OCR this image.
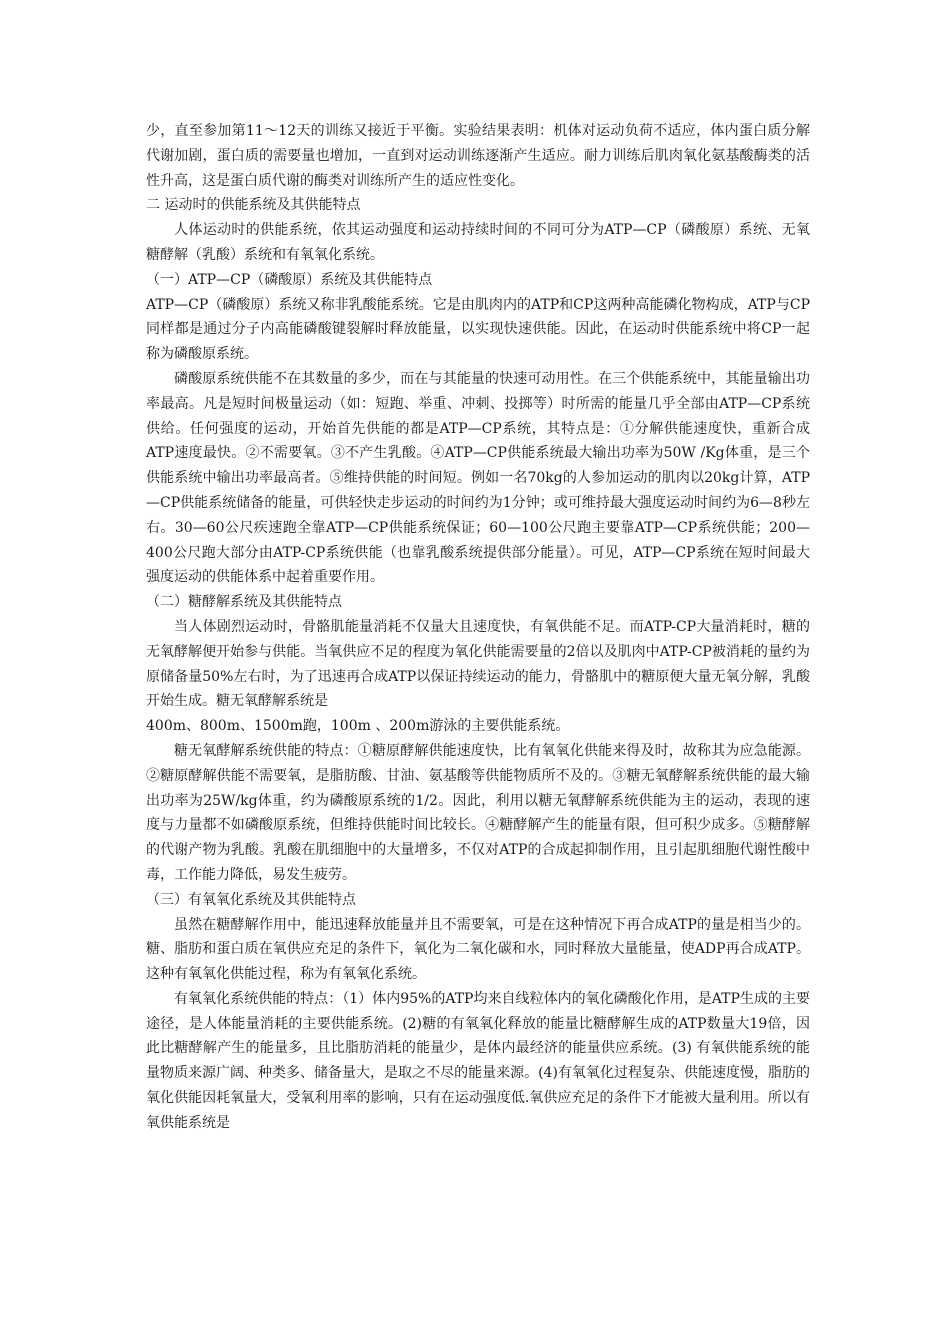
少，直至参加第11～12天的训练又接近于平衡。实验结果表明：机体对运动负荷不适应，体内蛋白质分解代谢加剧，蛋白质的需要量也增加，一直到对运动训练逐渐产生适应。耐力训练后肌肉氧化氨基酸酶类的活性升高，这是蛋白质代谢的酶类对训练所产生的适应性变化。

二 运动时的供能系统及其供能特点

人体运动时的供能系统，依其运动强度和运动持续时间的不同可分为ATP—CP（磷酸原）系统、无氧糖酵解（乳酸）系统和有氧氧化系统。

（一）ATP—CP（磷酸原）系统及其供能特点

ATP—CP（磷酸原）系统又称非乳酸能系统。它是由肌肉内的ATP和CP这两种高能磷化物构成，ATP与CP同样都是通过分子内高能磷酸键裂解时释放能量，以实现快速供能。因此，在运动时供能系统中将CP一起称为磷酸原系统。

磷酸原系统供能不在其数量的多少，而在与其能量的快速可动用性。在三个供能系统中，其能量输出功率最高。凡是短时间极量运动（如：短跑、举重、冲刺、投掷等）时所需的能量几乎全部由ATP—CP系统供给。任何强度的运动，开始首先供能的都是ATP—CP系统，其特点是：①分解供能速度快，重新合成ATP速度最快。②不需要氧。③不产生乳酸。④ATP—CP供能系统最大输出功率为50W /Kg体重，是三个供能系统中输出功率最高者。⑤维持供能的时间短。例如一名70kg的人参加运动的肌肉以20kg计算，ATP—CP供能系统储备的能量，可供轻快走步运动的时间约为1分钟；或可维持最大强度运动时间约为6—8秒左右。30—60公尺疾速跑全靠ATP—CP供能系统保证；60—100公尺跑主要靠ATP—CP系统供能；200—400公尺跑大部分由ATP-CP系统供能（也靠乳酸系统提供部分能量）。可见，ATP—CP系统在短时间最大强度运动的供能体系中起着重要作用。

（二）糖酵解系统及其供能特点

当人体剧烈运动时，骨骼肌能量消耗不仅量大且速度快，有氧供能不足。而ATP-CP大量消耗时，糖的无氧酵解便开始参与供能。当氧供应不足的程度为氧化供能需要量的2倍以及肌肉中ATP-CP被消耗的量约为原储备量50%左右时，为了迅速再合成ATP以保证持续运动的能力，骨骼肌中的糖原便大量无氧分解，乳酸开始生成。糖无氧酵解系统是

400m、800m、1500m跑，100m 、200m游泳的主要供能系统。

糖无氧酵解系统供能的特点：①糖原酵解供能速度快，比有氧氧化供能来得及时，故称其为应急能源。②糖原酵解供能不需要氧，是脂肪酸、甘油、氨基酸等供能物质所不及的。③糖无氧酵解系统供能的最大输出功率为25W/kg体重，约为磷酸原系统的1/2。因此，利用以糖无氧酵解系统供能为主的运动，表现的速度与力量都不如磷酸原系统，但维持供能时间比较长。④糖酵解产生的能量有限，但可积少成多。⑤糖酵解的代谢产物为乳酸。乳酸在肌细胞中的大量增多，不仅对ATP的合成起抑制作用，且引起肌细胞代谢性酸中毒，工作能力降低，易发生疲劳。

（三）有氧氧化系统及其供能特点

虽然在糖酵解作用中，能迅速释放能量并且不需要氧，可是在这种情况下再合成ATP的量是相当少的。糖、脂肪和蛋白质在氧供应充足的条件下，氧化为二氧化碳和水，同时释放大量能量，使ADP再合成ATP。这种有氧氧化供能过程，称为有氧氧化系统。

有氧氧化系统供能的特点：（1）体内95%的ATP均来自线粒体内的氧化磷酸化作用，是ATP生成的主要途径，是人体能量消耗的主要供能系统。(2)糖的有氧氧化释放的能量比糖酵解生成的ATP数量大19倍，因此比糖酵解产生的能量多，且比脂肪消耗的能量少，是体内最经济的能量供应系统。(3) 有氧供能系统的能量物质来源广阔、种类多、储备量大，是取之不尽的能量来源。(4)有氧氧化过程复杂、供能速度慢，脂肪的氧化供能因耗氧量大，受氧利用率的影响，只有在运动强度低.氧供应充足的条件下才能被大量利用。所以有氧供能系统是
